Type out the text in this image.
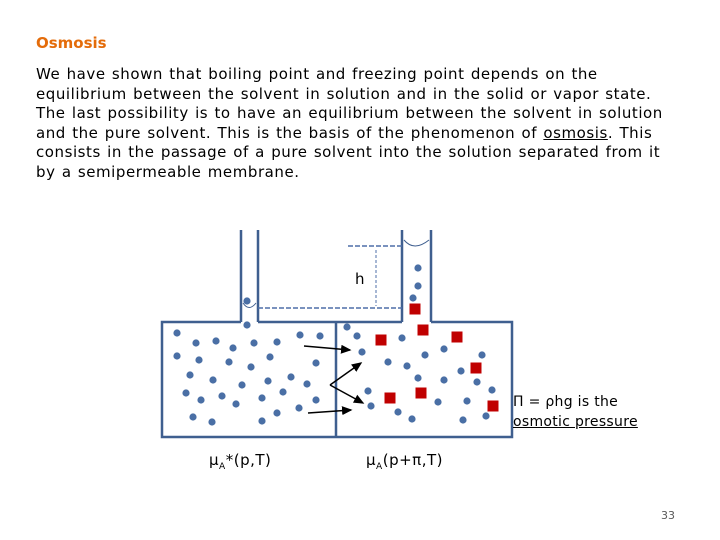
Osmosis
We have shown that boiling point and freezing point depends on the equilibrium between the solvent in solution and in the solid or vapor state. The last possibility is to have an equilibrium between the solvent in solution and the pure solvent. This is the basis of the phenomenon of osmosis. This consists in the passage of a pure solvent into the solution separated from it by a semipermeable membrane.
h
Π = ρhg is the
osmotic pressure
$\mu_A*(p,T)$	$\mu_A(p+\pi,T)$
33
